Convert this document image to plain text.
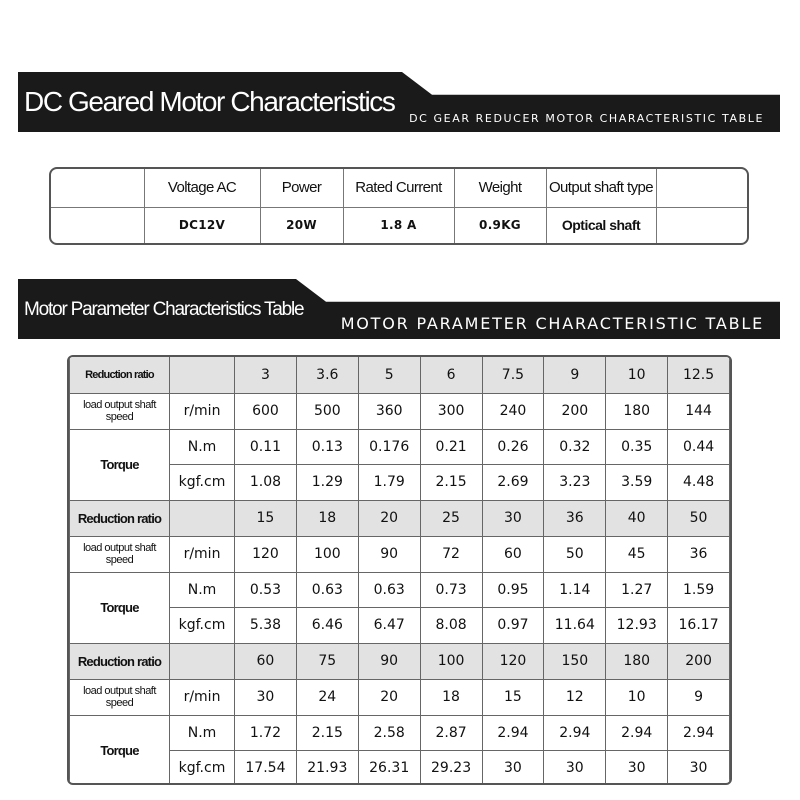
DC Geared Motor Characteristics
DC GEAR REDUCER MOTOR CHARACTERISTIC TABLE
	Voltage AC	Power	Rated Current	Weight	Output shaft type	
	DC12V	20W	1.8 A	0.9KG	Optical shaft	
Motor Parameter Characteristics Table
MOTOR PARAMETER CHARACTERISTIC TABLE
Reduction ratio		3	3.6	5	6	7.5	9	10	12.5
load output shaft speed	r/min	600	500	360	300	240	200	180	144
Torque	N.m	0.11	0.13	0.176	0.21	0.26	0.32	0.35	0.44
	kgf.cm	1.08	1.29	1.79	2.15	2.69	3.23	3.59	4.48
Reduction ratio		15	18	20	25	30	36	40	50
load output shaft speed	r/min	120	100	90	72	60	50	45	36
Torque	N.m	0.53	0.63	0.63	0.73	0.95	1.14	1.27	1.59
	kgf.cm	5.38	6.46	6.47	8.08	0.97	11.64	12.93	16.17
Reduction ratio		60	75	90	100	120	150	180	200
load output shaft speed	r/min	30	24	20	18	15	12	10	9
Torque	N.m	1.72	2.15	2.58	2.87	2.94	2.94	2.94	2.94
	kgf.cm	17.54	21.93	26.31	29.23	30	30	30	30
